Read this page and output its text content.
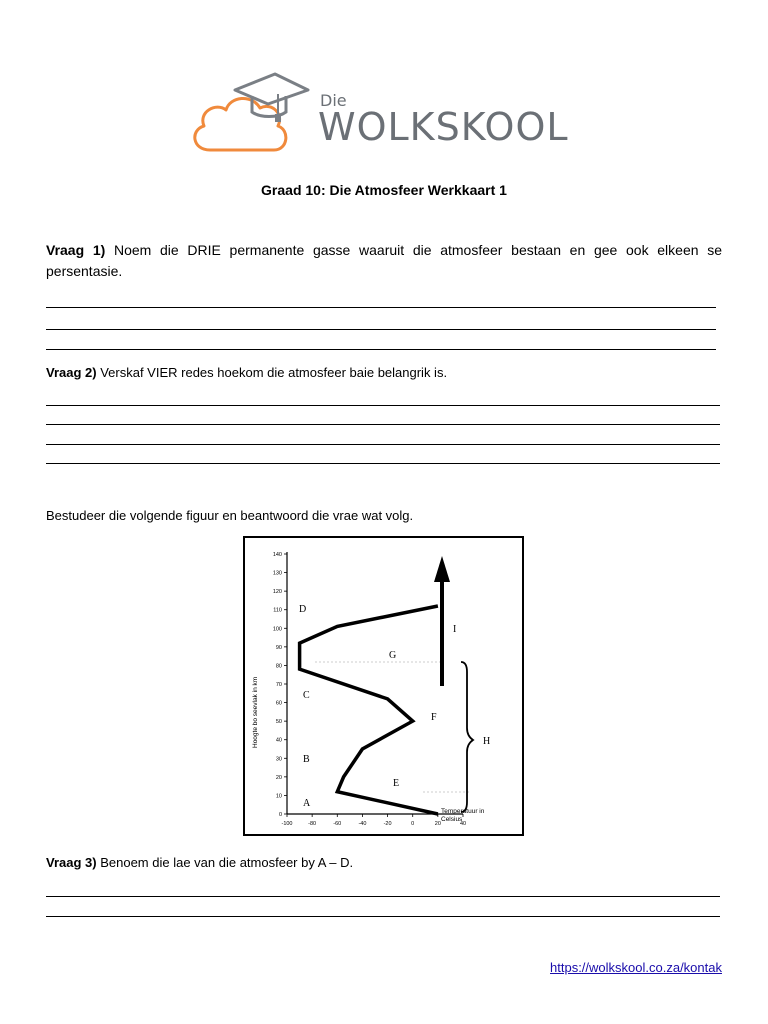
Die
WOLKSKOOL
Graad 10: Die Atmosfeer Werkkaart 1
Vraag 1) Noem die DRIE permanente gasse waaruit die atmosfeer bestaan en gee ook elkeen se persentasie.
Vraag 2) Verskaf VIER redes hoekom die atmosfeer baie belangrik is.
Bestudeer die volgende figuur en beantwoord die vrae wat volg.
0
10
20
30
40
50
60
70
80
90
100
110
120
130
140
-100	-80	-60	-40	-20	0	20	40
Hoogte bo seevlak in km
Temperatuur in
Celsius
A
B
C
D
E
F
G
H
I
Vraag 3) Benoem die lae van die atmosfeer by A – D.
https://wolkskool.co.za/kontak
